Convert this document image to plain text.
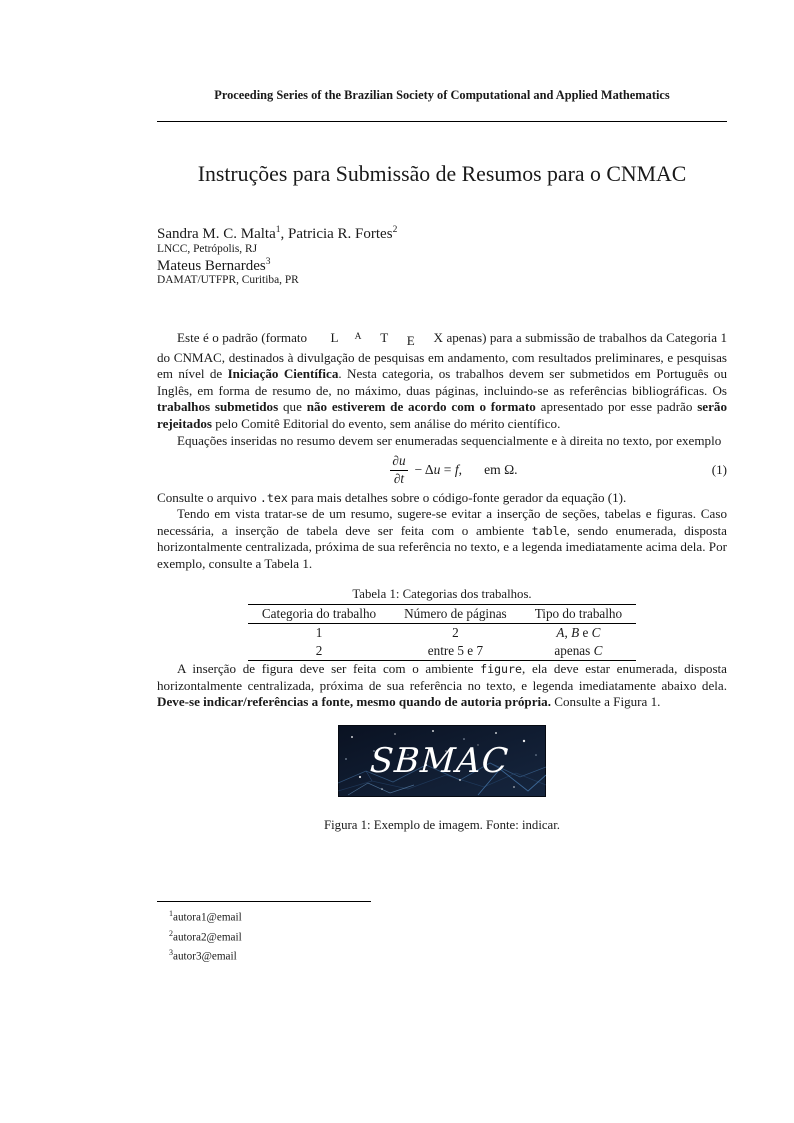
Proceeding Series of the Brazilian Society of Computational and Applied Mathematics
Instruções para Submissão de Resumos para o CNMAC
Sandra M. C. Malta$^1$, Patricia R. Fortes$^2$
LNCC, Petrópolis, RJ
Mateus Bernardes$^3$
DAMAT/UTFPR, Curitiba, PR

Este é o padrão (formato L A T E X apenas) para a submissão de trabalhos da Categoria 1 do CNMAC, destinados à divulgação de pesquisas em andamento, com resultados preliminares, e pesquisas em nível de Iniciação Científica. Nesta categoria, os trabalhos devem ser submetidos em Português ou Inglês, em forma de resumo de, no máximo, duas páginas, incluindo-se as referências bibliográficas. Os trabalhos submetidos que não estiverem de acordo com o formato apresentado por esse padrão serão rejeitados pelo Comitê Editorial do evento, sem análise do mérito científico.

Equações inseridas no resumo devem ser enumeradas sequencialmente e à direita no texto, por exemplo

$\frac{\partial u}{\partial t} - \Delta u = f$, em Ω.	(1)

Consulte o arquivo .tex para mais detalhes sobre o código-fonte gerador da equação (1).

Tendo em vista tratar-se de um resumo, sugere-se evitar a inserção de seções, tabelas e figuras. Caso necessária, a inserção de tabela deve ser feita com o ambiente table, sendo enumerada, disposta horizontalmente centralizada, próxima de sua referência no texto, e a legenda imediatamente acima dela. Por exemplo, consulte a Tabela 1.

Tabela 1: Categorias dos trabalhos.
Categoria do trabalho	Número de páginas	Tipo do trabalho
1	2	A, B e C
2	entre 5 e 7	apenas C

A inserção de figura deve ser feita com o ambiente figure, ela deve estar enumerada, disposta horizontalmente centralizada, próxima de sua referência no texto, e legenda imediatamente abaixo dela. Deve-se indicar/referências a fonte, mesmo quando de autoria própria. Consulte a Figura 1.

SBMAC
Figura 1: Exemplo de imagem. Fonte: indicar.
$^1$autora1@email
$^2$autora2@email
$^3$autor3@email
